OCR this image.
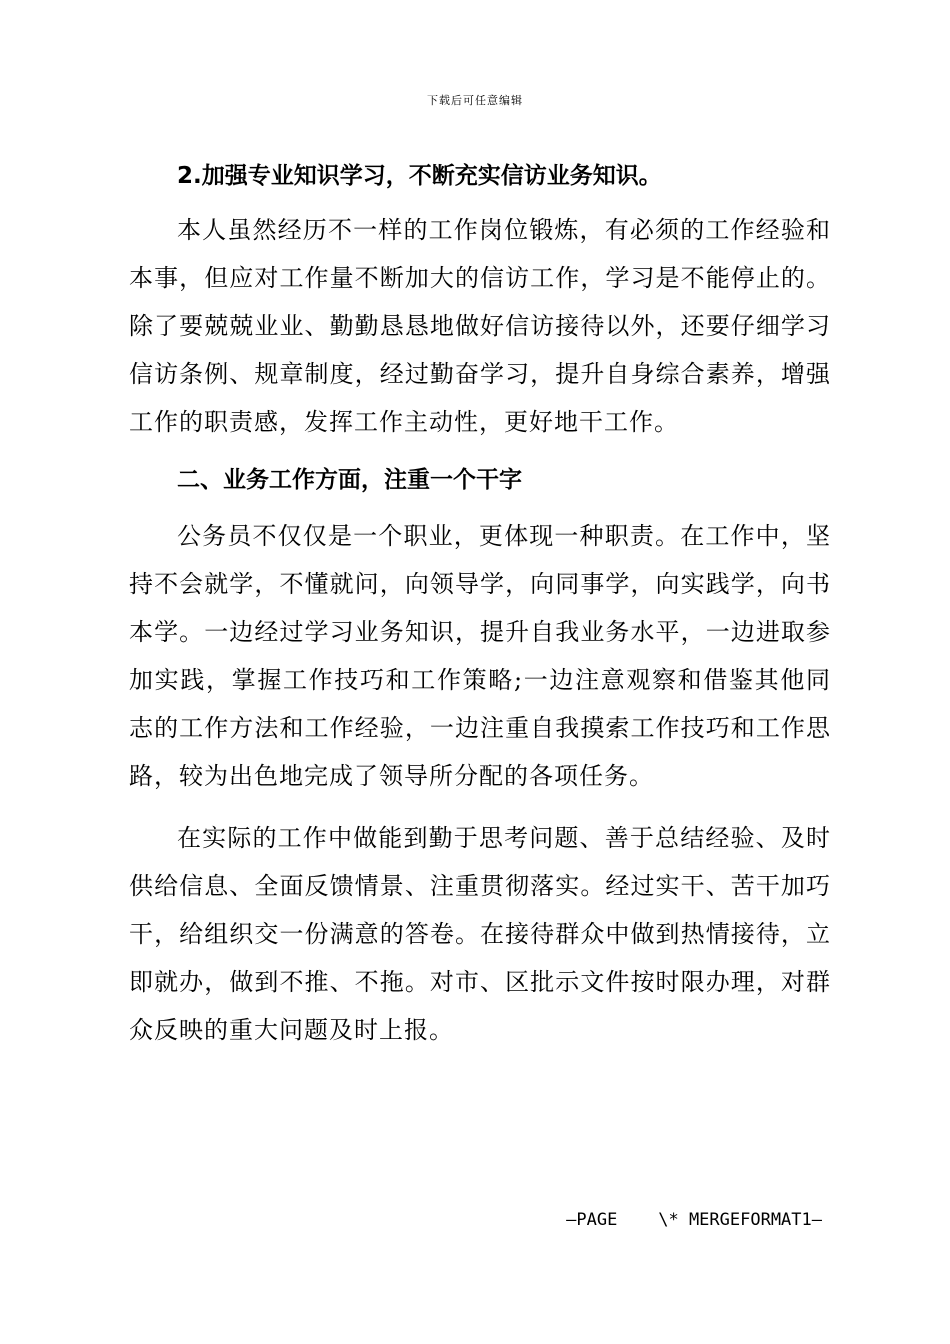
下载后可任意编辑

2.加强专业知识学习，不断充实信访业务知识。

本人虽然经历不一样的工作岗位锻炼，有必须的工作经验和本事，但应对工作量不断加大的信访工作，学习是不能停止的。除了要兢兢业业、勤勤恳恳地做好信访接待以外，还要仔细学习信访条例、规章制度，经过勤奋学习，提升自身综合素养，增强工作的职责感，发挥工作主动性，更好地干工作。

二、业务工作方面，注重一个干字

公务员不仅仅是一个职业，更体现一种职责。在工作中，坚持不会就学，不懂就问，向领导学，向同事学，向实践学，向书本学。一边经过学习业务知识，提升自我业务水平，一边进取参加实践，掌握工作技巧和工作策略;一边注意观察和借鉴其他同志的工作方法和工作经验，一边注重自我摸索工作技巧和工作思路，较为出色地完成了领导所分配的各项任务。

在实际的工作中做能到勤于思考问题、善于总结经验、及时供给信息、全面反馈情景、注重贯彻落实。经过实干、苦干加巧干，给组织交一份满意的答卷。在接待群众中做到热情接待，立即就办，做到不推、不拖。对市、区批示文件按时限办理，对群众反映的重大问题及时上报。

—PAGE    \* MERGEFORMAT1—
